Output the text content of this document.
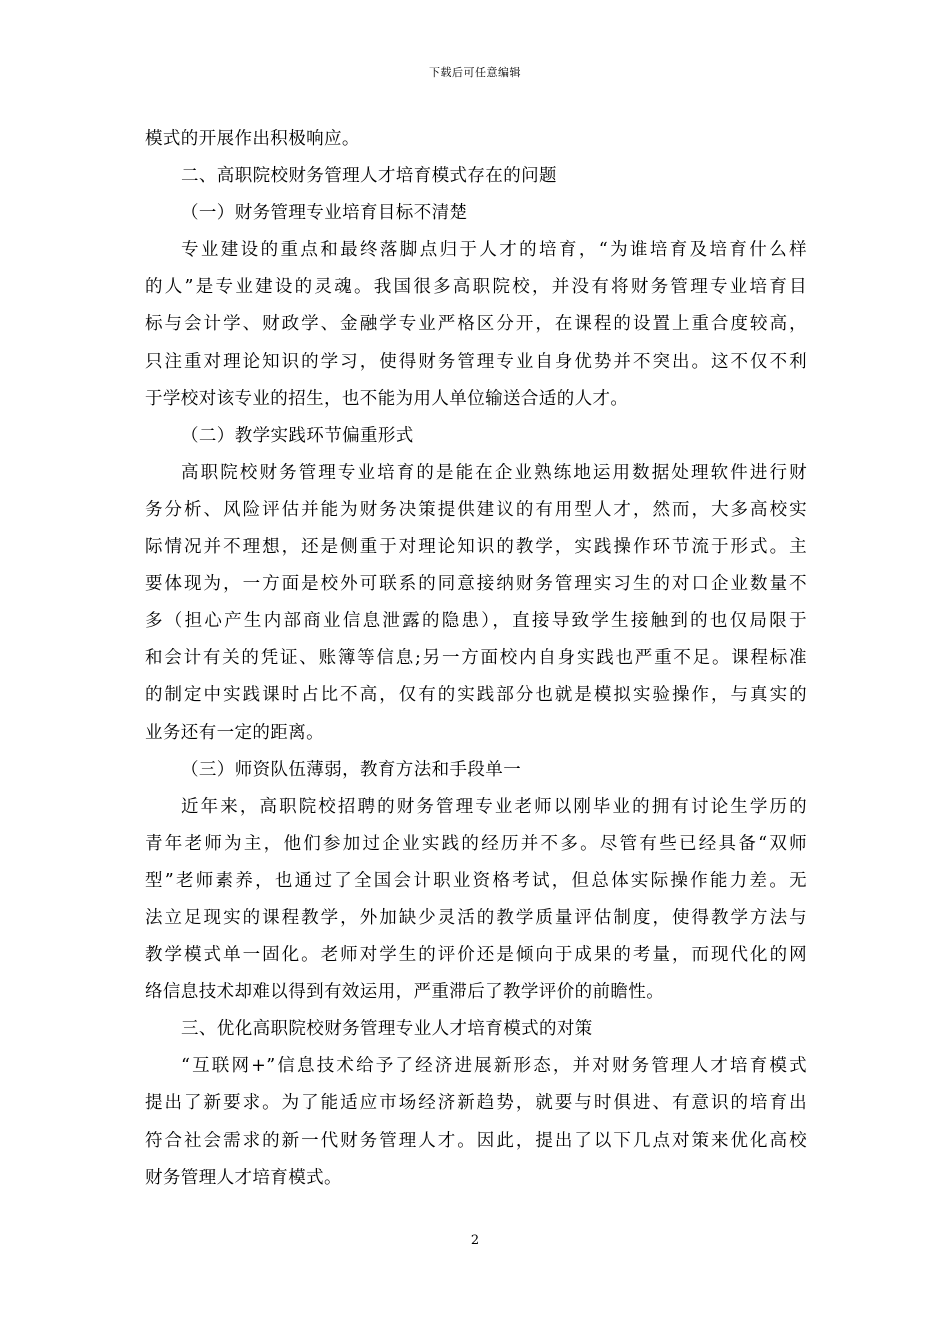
下载后可任意编辑
模式的开展作出积极响应。
二、高职院校财务管理人才培育模式存在的问题
（一）财务管理专业培育目标不清楚
专业建设的重点和最终落脚点归于人才的培育，“为谁培育及培育什么样
的人”是专业建设的灵魂。我国很多高职院校，并没有将财务管理专业培育目
标与会计学、财政学、金融学专业严格区分开，在课程的设置上重合度较高，
只注重对理论知识的学习，使得财务管理专业自身优势并不突出。这不仅不利
于学校对该专业的招生，也不能为用人单位输送合适的人才。
（二）教学实践环节偏重形式
高职院校财务管理专业培育的是能在企业熟练地运用数据处理软件进行财
务分析、风险评估并能为财务决策提供建议的有用型人才，然而，大多高校实
际情况并不理想，还是侧重于对理论知识的教学，实践操作环节流于形式。主
要体现为，一方面是校外可联系的同意接纳财务管理实习生的对口企业数量不
多（担心产生内部商业信息泄露的隐患），直接导致学生接触到的也仅局限于
和会计有关的凭证、账簿等信息;另一方面校内自身实践也严重不足。课程标准
的制定中实践课时占比不高，仅有的实践部分也就是模拟实验操作，与真实的
业务还有一定的距离。
（三）师资队伍薄弱，教育方法和手段单一
近年来，高职院校招聘的财务管理专业老师以刚毕业的拥有讨论生学历的
青年老师为主，他们参加过企业实践的经历并不多。尽管有些已经具备“双师
型”老师素养，也通过了全国会计职业资格考试，但总体实际操作能力差。无
法立足现实的课程教学，外加缺少灵活的教学质量评估制度，使得教学方法与
教学模式单一固化。老师对学生的评价还是倾向于成果的考量，而现代化的网
络信息技术却难以得到有效运用，严重滞后了教学评价的前瞻性。
三、优化高职院校财务管理专业人才培育模式的对策
“互联网+”信息技术给予了经济进展新形态，并对财务管理人才培育模式
提出了新要求。为了能适应市场经济新趋势，就要与时俱进、有意识的培育出
符合社会需求的新一代财务管理人才。因此，提出了以下几点对策来优化高校
财务管理人才培育模式。
2
